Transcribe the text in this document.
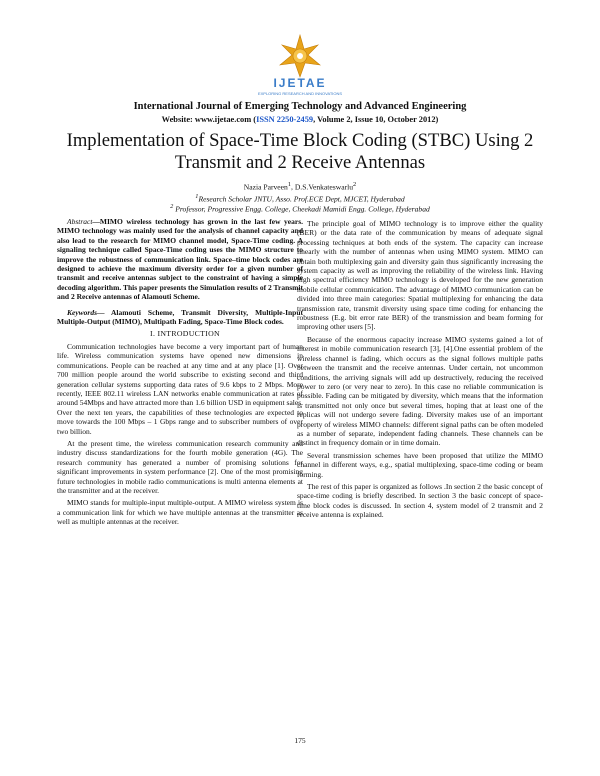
IJETAE
EXPLORING RESEARCH AND INNOVATIONS
International Journal of Emerging Technology and Advanced Engineering
Website: www.ijetae.com (ISSN 2250-2459, Volume 2, Issue 10, October 2012)
Implementation of Space-Time Block Coding (STBC) Using 2 Transmit and 2 Receive Antennas
Nazia Parveen$^1$, D.S.Venkateswarlu$^2$
$^1$Research Scholar JNTU, Asso. Prof.ECE Dept, MJCET, Hyderabad
$^2$ Professor, Progressive Engg. College, Cheekadi Mamidi Engg. College, Hyderabad

Abstract—MIMO wireless technology has grown in the last few years. MIMO technology was mainly used for the analysis of channel capacity and also lead to the research for MIMO channel model, Space-Time coding. A signaling technique called Space-Time coding uses the MIMO structure to improve the robustness of communication link. Space–time block codes are designed to achieve the maximum diversity order for a given number of transmit and receive antennas subject to the constraint of having a simple decoding algorithm. This paper presents the Simulation results of 2 Transmit and 2 Receive antennas of Alamouti Scheme.

Keywords— Alamouti Scheme, Transmit Diversity, Multiple-Input Multiple-Output (MIMO), Multipath Fading, Space-Time Block codes.

I. INTRODUCTION

Communication technologies have become a very important part of human life. Wireless communication systems have opened new dimensions in communications. People can be reached at any time and at any place [1]. Over 700 million people around the world subscribe to existing second and third generation cellular systems supporting data rates of 9.6 kbps to 2 Mbps. More recently, IEEE 802.11 wireless LAN networks enable communication at rates of around 54Mbps and have attracted more than 1.6 billion USD in equipment sales. Over the next ten years, the capabilities of these technologies are expected to move towards the 100 Mbps – 1 Gbps range and to subscriber numbers of over two billion.

At the present time, the wireless communication research community and industry discuss standardizations for the fourth mobile generation (4G). The research community has generated a number of promising solutions for significant improvements in system performance [2]. One of the most promising future technologies in mobile radio communications is multi antenna elements at the transmitter and at the receiver.

MIMO stands for multiple-input multiple-output. A MIMO wireless system is a communication link for which we have multiple antennas at the transmitter as well as multiple antennas at the receiver.

The principle goal of MIMO technology is to improve either the quality (BER) or the data rate of the communication by means of adequate signal processing techniques at both ends of the system. The capacity can increase linearly with the number of antennas when using MIMO system. MIMO can obtain both multiplexing gain and diversity gain thus significantly increasing the system capacity as well as improving the reliability of the wireless link. Having high spectral efficiency MIMO technology is developed for the new generation mobile cellular communication. The advantage of MIMO communication can be divided into three main categories: Spatial multiplexing for enhancing the data transmission rate, transmit diversity using space time coding for enhancing the robustness (E.g. bit error rate BER) of the transmission and beam forming for improving other users [5].

Because of the enormous capacity increase MIMO systems gained a lot of interest in mobile communication research [3], [4].One essential problem of the wireless channel is fading, which occurs as the signal follows multiple paths between the transmit and the receive antennas. Under certain, not uncommon conditions, the arriving signals will add up destructively, reducing the received power to zero (or very near to zero). In this case no reliable communication is possible. Fading can be mitigated by diversity, which means that the information is transmitted not only once but several times, hoping that at least one of the replicas will not undergo severe fading. Diversity makes use of an important property of wireless MIMO channels: different signal paths can be often modeled as a number of separate, independent fading channels. These channels can be distinct in frequency domain or in time domain.

Several transmission schemes have been proposed that utilize the MIMO channel in different ways, e.g., spatial multiplexing, space-time coding or beam forming.

The rest of this paper is organized as follows .In section 2 the basic concept of space-time coding is briefly described. In section 3 the basic concept of space-time block codes is discussed. In section 4, system model of 2 transmit and 2 receive antenna is explained.

175
